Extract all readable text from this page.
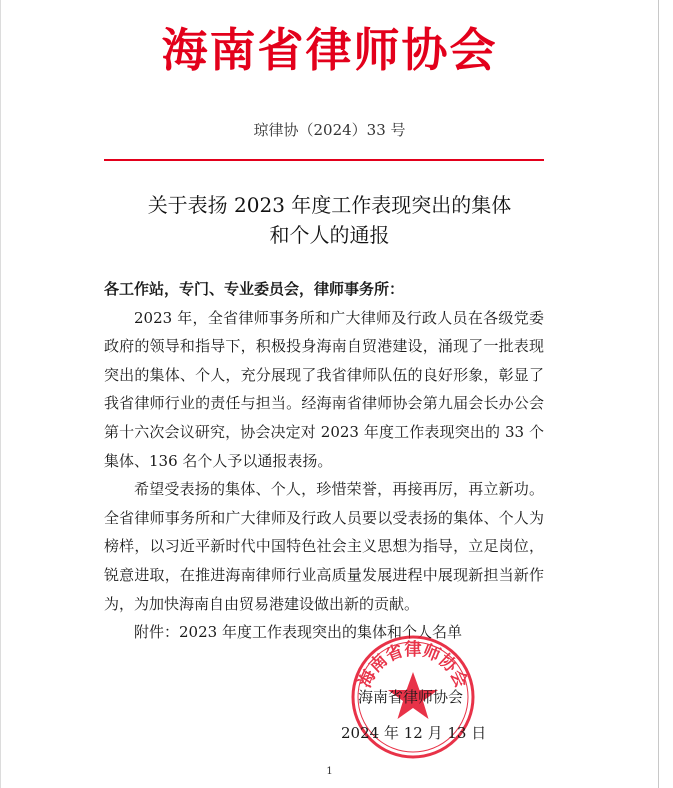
海南省律师协会
琼律协（2024）33 号
关于表扬 2023 年度工作表现突出的集体
和个人的通报

各工作站，专门、专业委员会，律师事务所：

2023 年，全省律师事务所和广大律师及行政人员在各级党委政府的领导和指导下，积极投身海南自贸港建设，涌现了一批表现突出的集体、个人，充分展现了我省律师队伍的良好形象，彰显了我省律师行业的责任与担当。经海南省律师协会第九届会长办公会第十六次会议研究，协会决定对 2023 年度工作表现突出的 33 个集体、136 名个人予以通报表扬。

希望受表扬的集体、个人，珍惜荣誉，再接再厉，再立新功。全省律师事务所和广大律师及行政人员要以受表扬的集体、个人为榜样，以习近平新时代中国特色社会主义思想为指导，立足岗位，锐意进取，在推进海南律师行业高质量发展进程中展现新担当新作为，为加快海南自由贸易港建设做出新的贡献。

附件：2023 年度工作表现突出的集体和个人名单

海南省律师协会
海南省律师协会
2024 年 12 月 13 日
1
